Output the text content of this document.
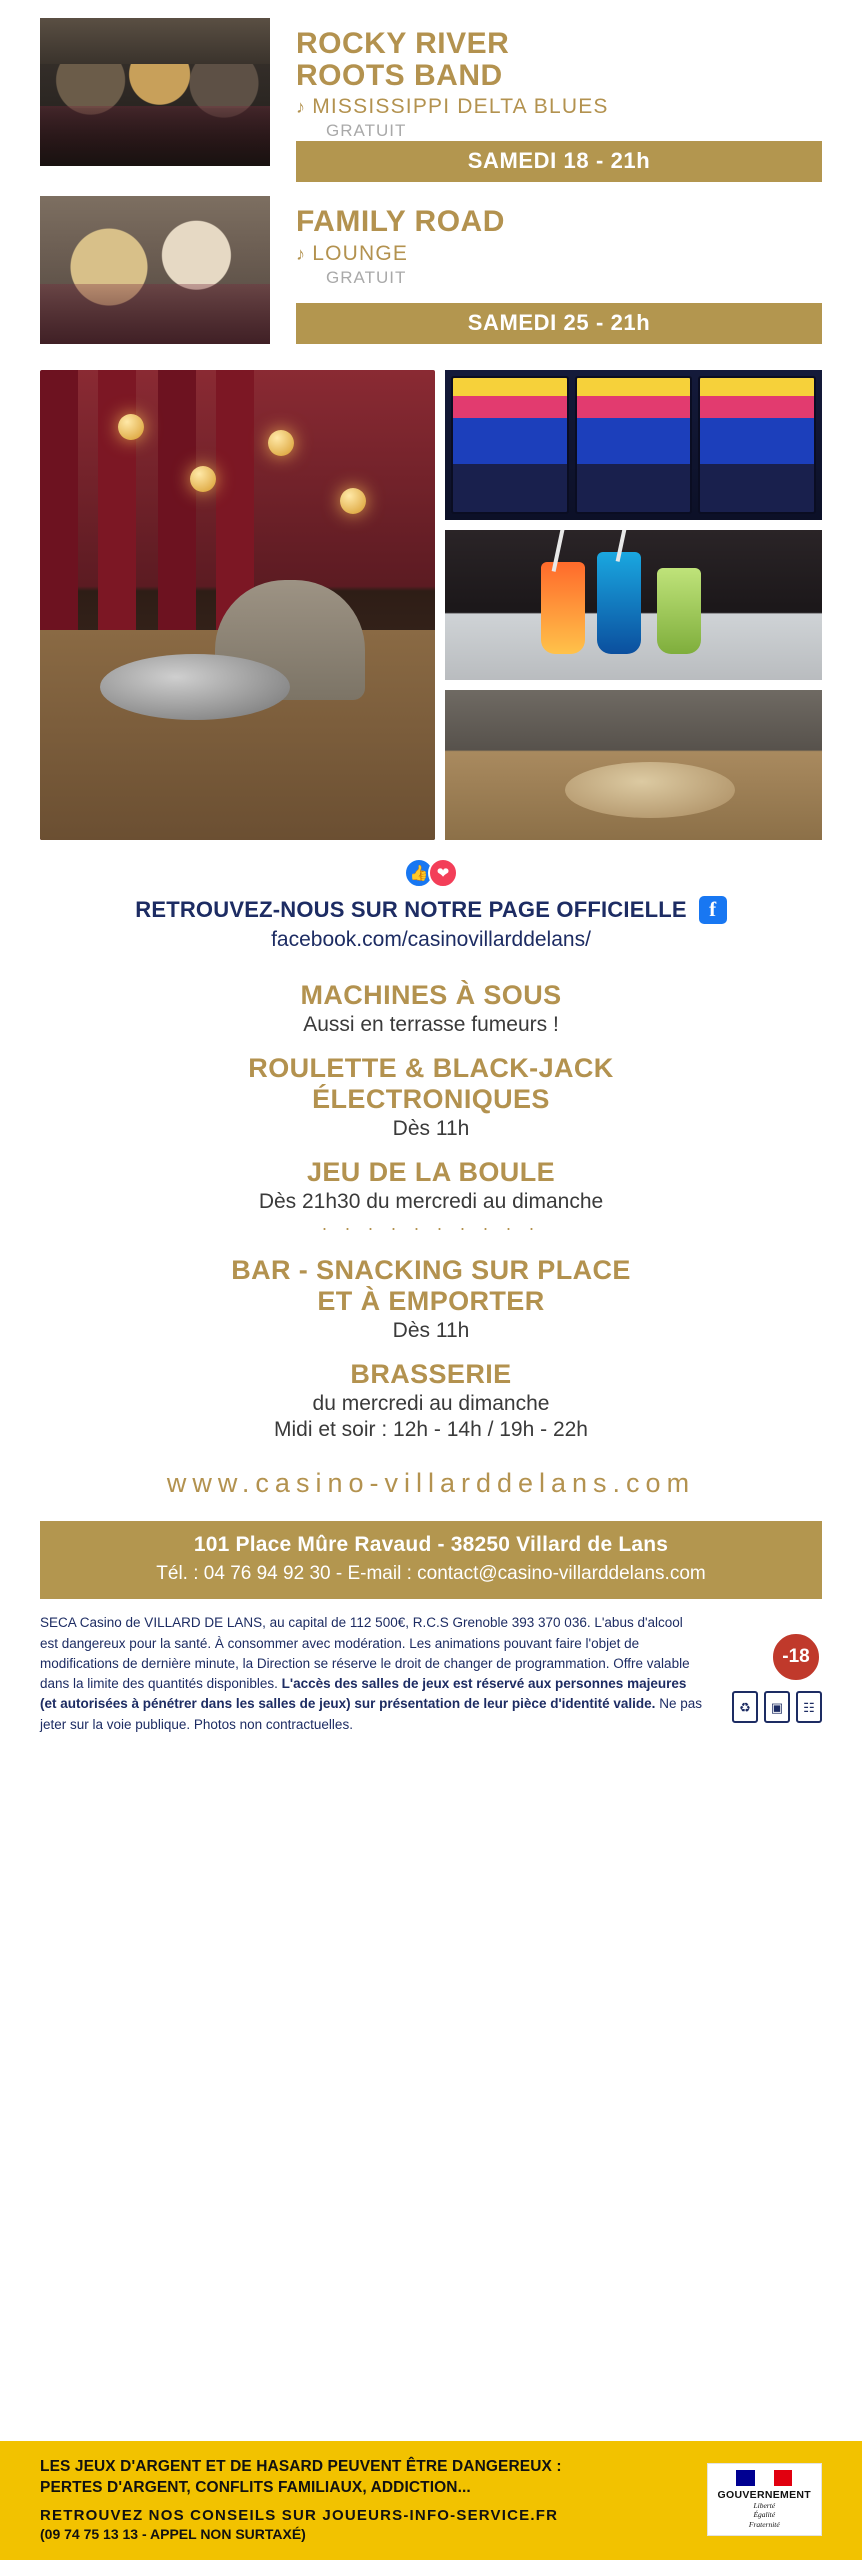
ROCKY RIVER
ROOTS BAND
♪ MISSISSIPPI DELTA BLUES
GRATUIT
SAMEDI 18 - 21h
FAMILY ROAD
♪ LOUNGE
GRATUIT
SAMEDI 25 - 21h
👍 ❤
RETROUVEZ-NOUS SUR NOTRE PAGE OFFICIELLE	f
facebook.com/casinovillarddelans/
MACHINES À SOUS
Aussi en terrasse fumeurs !
ROULETTE & BLACK-JACK
ÉLECTRONIQUES
Dès 11h
JEU DE LA BOULE
Dès 21h30 du mercredi au dimanche
· · · · · · · · · ·
BAR - SNACKING SUR PLACE
ET À EMPORTER
Dès 11h
BRASSERIE
du mercredi au dimanche
Midi et soir : 12h - 14h / 19h - 22h
www.casino-villarddelans.com
101 Place Mûre Ravaud - 38250 Villard de Lans
Tél. : 04 76 94 92 30 - E-mail : contact@casino-villarddelans.com
SECA Casino de VILLARD DE LANS, au capital de 112 500€, R.C.S Grenoble 393 370 036. L'abus d'alcool est dangereux pour la santé. À consommer avec modération. Les animations pouvant faire l'objet de modifications de dernière minute, la Direction se réserve le droit de changer de programmation. Offre valable dans la limite des quantités disponibles. L'accès des salles de jeux est réservé aux personnes majeures (et autorisées à pénétrer dans les salles de jeux) sur présentation de leur pièce d'identité valide. Ne pas jeter sur la voie publique. Photos non contractuelles.
-18
♻	▣	☷
LES JEUX D'ARGENT ET DE HASARD PEUVENT ÊTRE DANGEREUX :
PERTES D'ARGENT, CONFLITS FAMILIAUX, ADDICTION...
RETROUVEZ NOS CONSEILS SUR JOUEURS-INFO-SERVICE.FR
(09 74 75 13 13 - APPEL NON SURTAXÉ)
GOUVERNEMENT
Liberté
Égalité
Fraternité
